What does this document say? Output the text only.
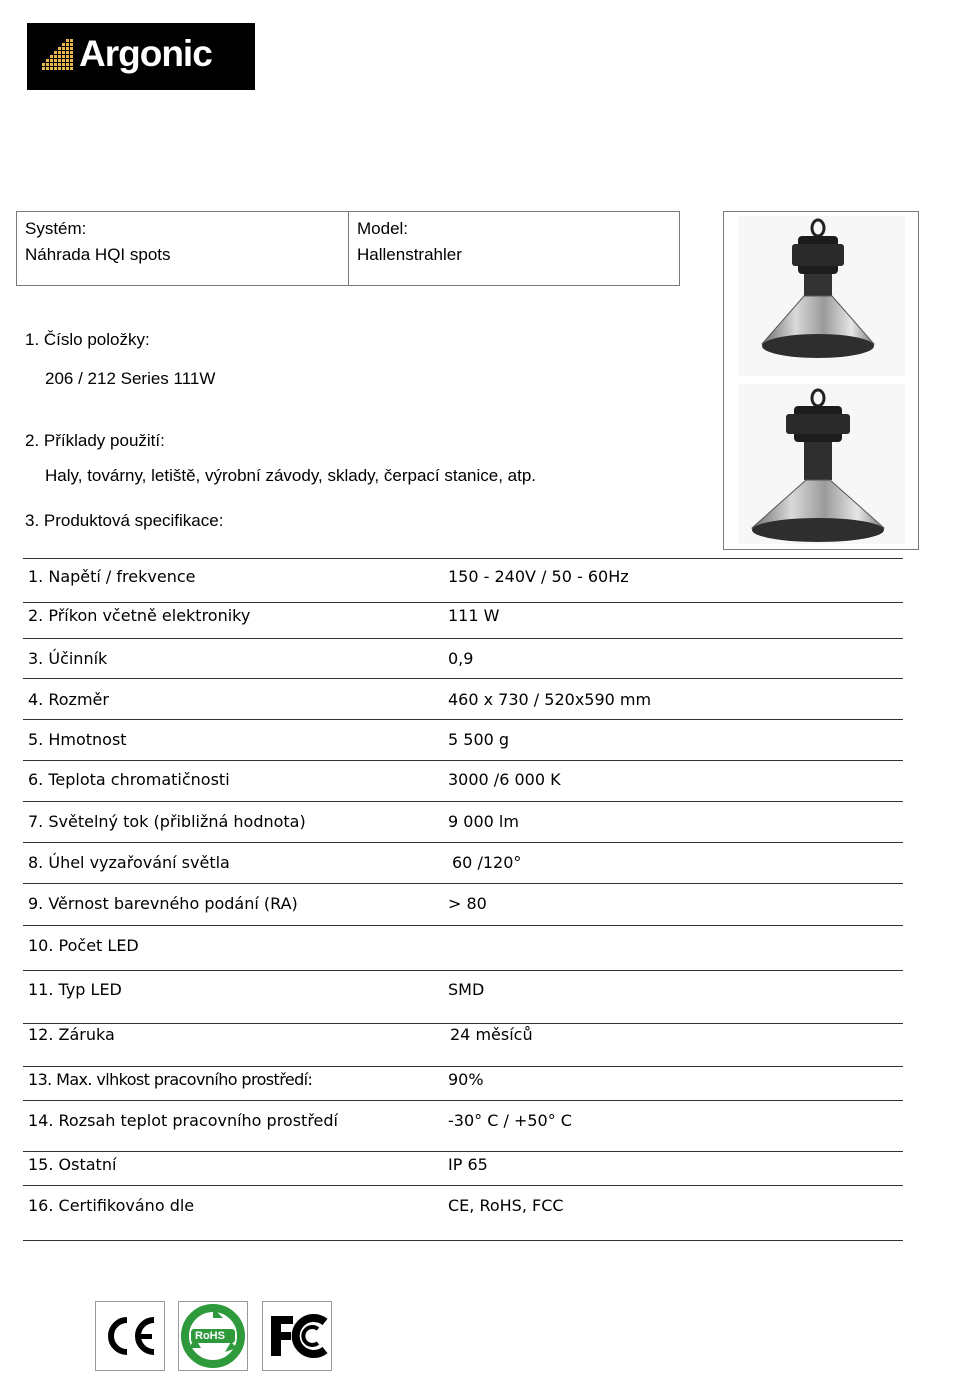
Argonic
Systém:
Náhrada HQI spots
Model:
Hallenstrahler
1. Číslo položky:
206 / 212 Series 111W
2. Příklady použití:
Haly, továrny, letiště, výrobní závody, sklady, čerpací stanice, atp.
3. Produktová specifikace:
1. Napětí / frekvence	150 - 240V / 50 - 60Hz
2. Příkon včetně elektroniky	111 W
3. Účinník	0,9
4. Rozměr	460 x 730 / 520x590 mm
5. Hmotnost	5 500 g
6. Teplota chromatičnosti	3000 /6 000 K
7. Světelný tok (přibližná hodnota)	9 000 lm
8. Úhel vyzařování světla	60 /120°
9. Věrnost barevného podání (RA)	> 80
10. Počet LED
11. Typ LED	SMD
12. Záruka	24 měsíců
13. Max. vlhkost pracovního prostředí:	90%
14. Rozsah teplot pracovního prostředí	-30° C / +50° C
15. Ostatní	IP 65
16. Certifikováno dle	CE, RoHS, FCC
RoHS
